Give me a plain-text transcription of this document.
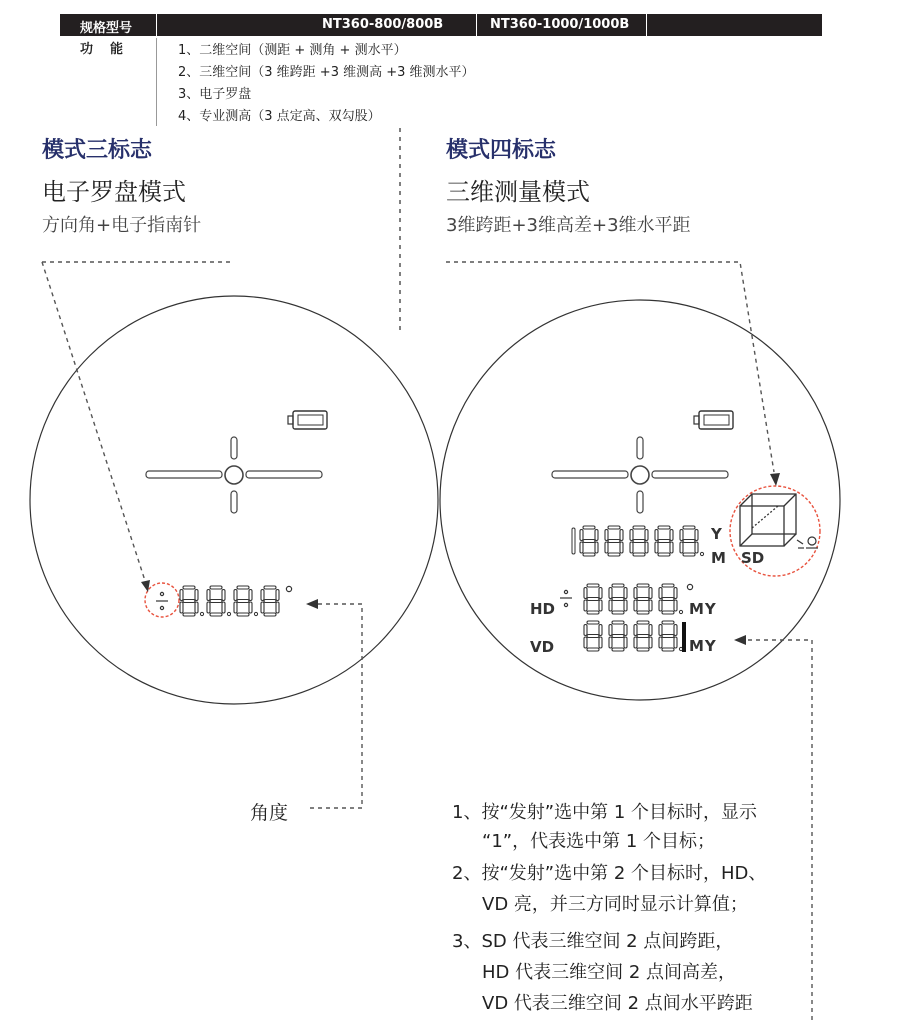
规格型号	NT360-800/800B	NT360-1000/1000B
功　能	1、二维空间（测距 + 测角 + 测水平）
2、三维空间（3 维跨距 +3 维测高 +3 维测水平）
3、电子罗盘
4、专业测高（3 点定高、双勾股）
模式三标志
电子罗盘模式
方向角+电子指南针
模式四标志
三维测量模式
3维跨距+3维高差+3维水平距
Y
M SD
HD	MY
VD	MY
角度	1、按“发射”选中第 1 个目标时，显示
“1”，代表选中第 1 个目标；
2、按“发射”选中第 2 个目标时，HD、
VD 亮，并三方同时显示计算值；
3、SD 代表三维空间 2 点间跨距，
HD 代表三维空间 2 点间高差，
VD 代表三维空间 2 点间水平跨距
